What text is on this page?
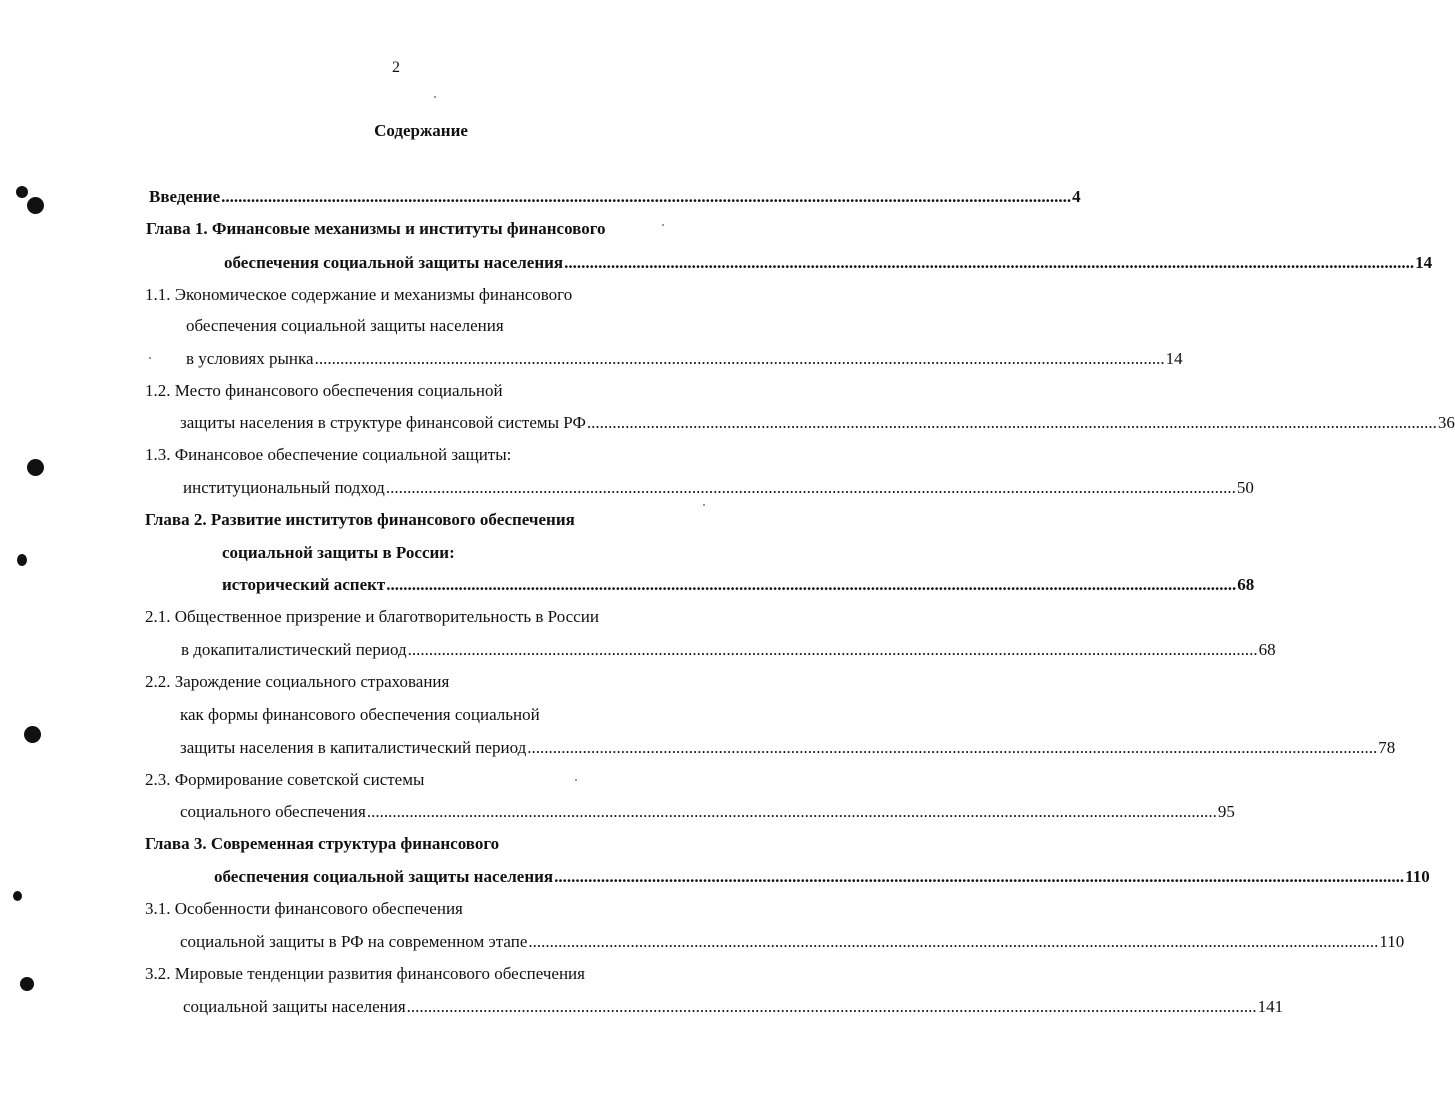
2
Содержание
Введение ........................................................................................................................................................................................................ 4
Глава 1. Финансовые механизмы и институты финансового
обеспечения социальной защиты населения ........................................................................................................................................................................................................ 14
1.1. Экономическое содержание и механизмы финансового
обеспечения социальной защиты населения
в условиях рынка ........................................................................................................................................................................................................ 14
1.2. Место финансового обеспечения социальной
защиты населения в структуре финансовой системы РФ ........................................................................................................................................................................................................ 36
1.3. Финансовое обеспечение социальной защиты:
институциональный подход ........................................................................................................................................................................................................ 50
Глава 2. Развитие институтов финансового обеспечения
социальной защиты в России:
исторический аспект ........................................................................................................................................................................................................ 68
2.1. Общественное призрение и благотворительность в России
в докапиталистический период ........................................................................................................................................................................................................ 68
2.2. Зарождение социального страхования
как формы финансового обеспечения социальной
защиты населения в капиталистический период ........................................................................................................................................................................................................ 78
2.3. Формирование советской системы
социального обеспечения ........................................................................................................................................................................................................ 95
Глава 3. Современная структура финансового
обеспечения социальной защиты населения ........................................................................................................................................................................................................ 110
3.1. Особенности финансового обеспечения
социальной защиты в РФ на современном этапе ........................................................................................................................................................................................................ 110
3.2. Мировые тенденции развития финансового обеспечения
социальной защиты населения ........................................................................................................................................................................................................ 141
